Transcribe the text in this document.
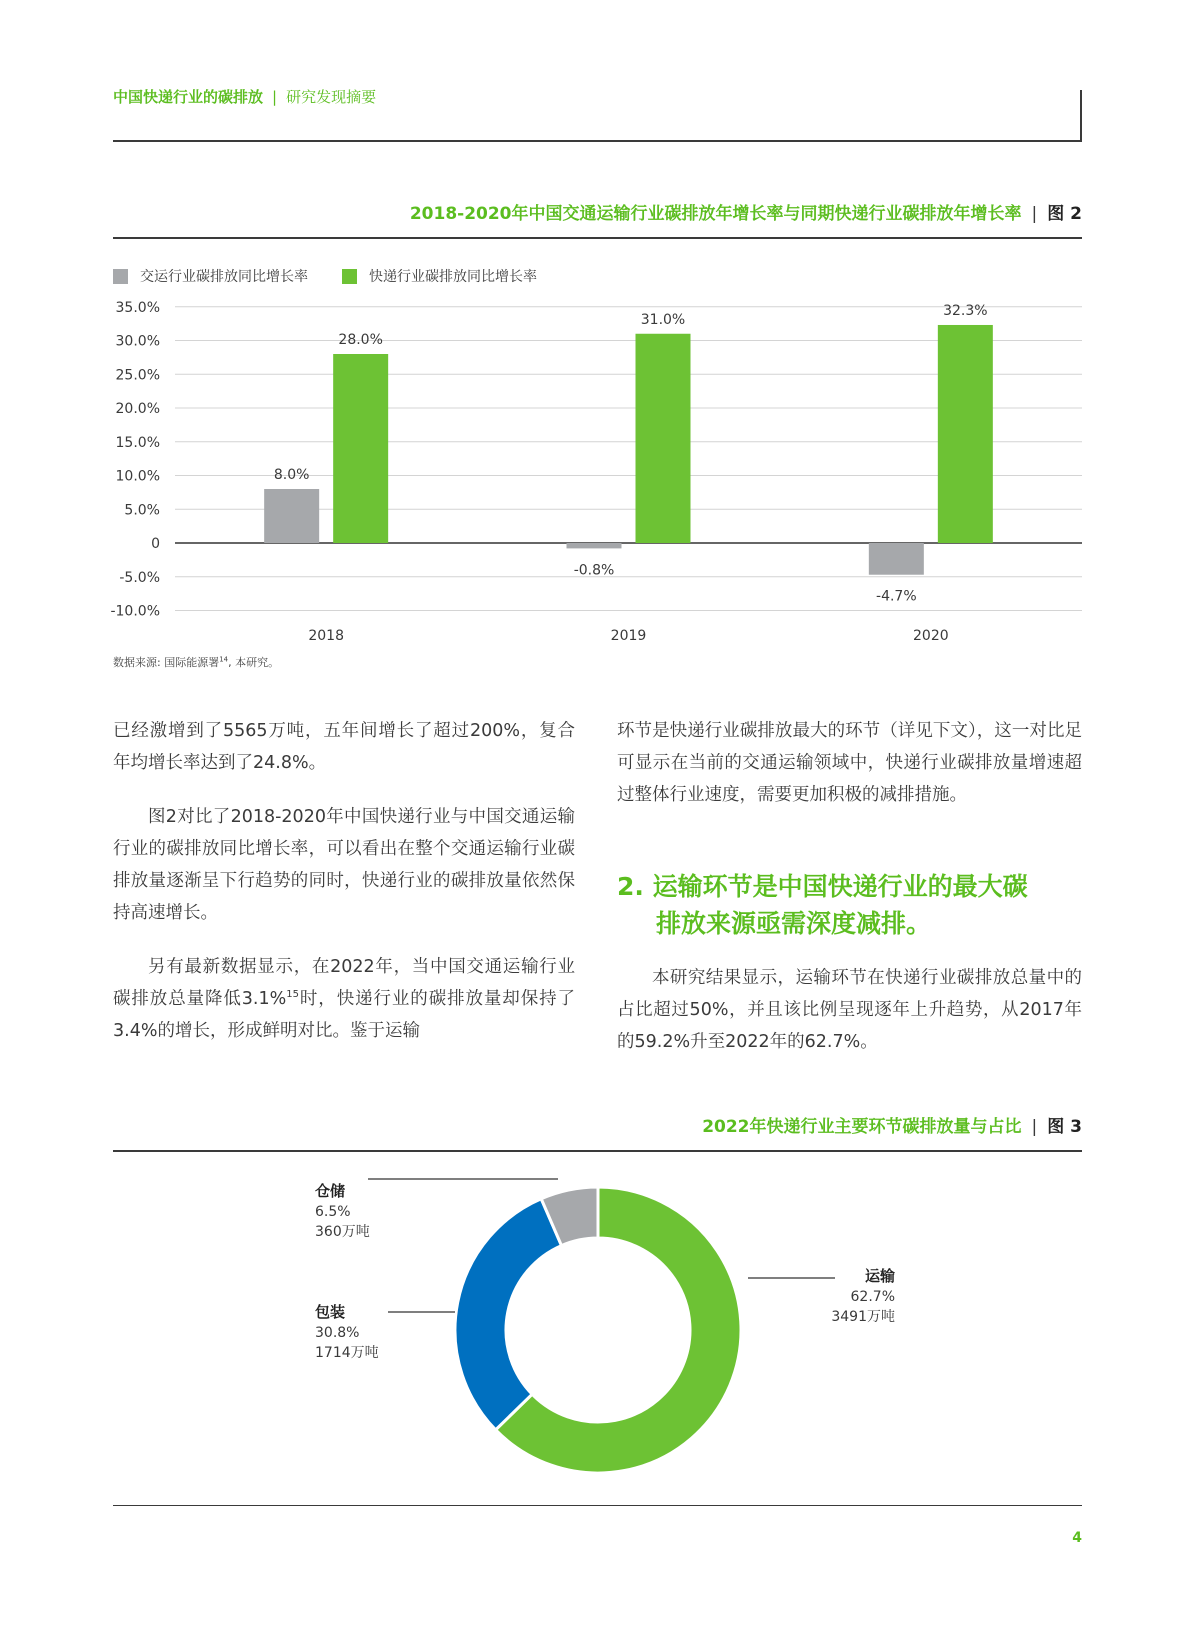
中国快递行业的碳排放 | 研究发现摘要
2018-2020年中国交通运输行业碳排放年增长率与同期快递行业碳排放年增长率 | 图 2
交运行业碳排放同比增长率	快递行业碳排放同比增长率
35.0%
30.0%
25.0%
20.0%
15.0%
10.0%
5.0%
0
-5.0%
-10.0%
8.0%
28.0%
2018
-0.8%
31.0%
2019
-4.7%
32.3%
2020
数据来源: 国际能源署$^{14}$, 本研究。

已经激增到了5565万吨，五年间增长了超过200%，复合年均增长率达到了24.8%。

图2对比了2018-2020年中国快递行业与中国交通运输行业的碳排放同比增长率，可以看出在整个交通运输行业碳排放量逐渐呈下行趋势的同时，快递行业的碳排放量依然保持高速增长。

另有最新数据显示，在2022年，当中国交通运输行业碳排放总量降低3.1%$^{15}$时，快递行业的碳排放量却保持了3.4%的增长，形成鲜明对比。鉴于运输

环节是快递行业碳排放最大的环节（详见下文），这一对比足可显示在当前的交通运输领域中，快递行业碳排放量增速超过整体行业速度，需要更加积极的减排措施。

2. 运输环节是中国快递行业的最大碳
排放来源亟需深度减排。

本研究结果显示，运输环节在快递行业碳排放总量中的占比超过50%，并且该比例呈现逐年上升趋势，从2017年的59.2%升至2022年的62.7%。

2022年快递行业主要环节碳排放量与占比 | 图 3
运输
62.7%
3491万吨
包装
30.8%
1714万吨
仓储
6.5%
360万吨
4
